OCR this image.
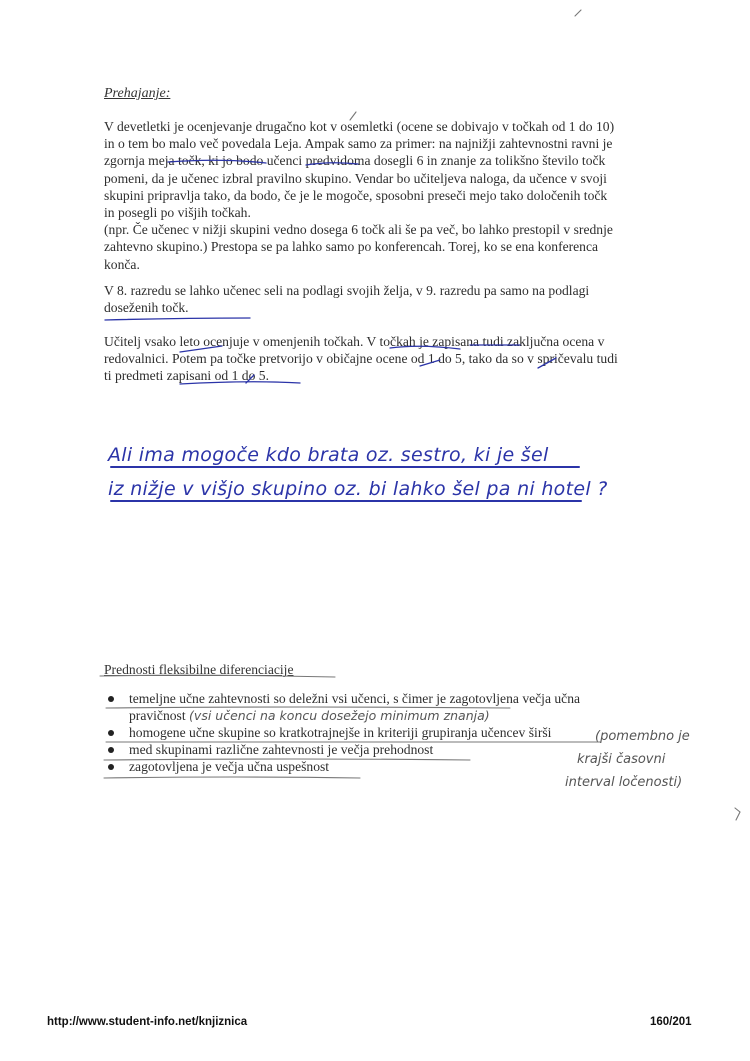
Prehajanje:
V devetletki je ocenjevanje drugačno kot v osemletki (ocene se dobivajo v točkah od 1 do 10)
in o tem bo malo več povedala Leja. Ampak samo za primer: na najnižji zahtevnostni ravni je
zgornja meja točk, ki jo bodo učenci predvidoma dosegli 6 in znanje za tolikšno število točk
pomeni, da je učenec izbral pravilno skupino. Vendar bo učiteljeva naloga, da učence v svoji
skupini pripravlja tako, da bodo, če je le mogoče, sposobni preseči mejo tako določenih točk
in posegli po višjih točkah.
(npr. Če učenec v nižji skupini vedno dosega 6 točk ali še pa več, bo lahko prestopil v srednje
zahtevno skupino.) Prestopa se pa lahko samo po konferencah. Torej, ko se ena konferenca
konča.
V 8. razredu se lahko učenec seli na podlagi svojih želja, v 9. razredu pa samo na podlagi
doseženih točk.
Učitelj vsako leto ocenjuje v omenjenih točkah. V točkah je zapisana tudi zaključna ocena v
redovalnici. Potem pa točke pretvorijo v običajne ocene od 1 do 5, tako da so v spričevalu tudi
ti predmeti zapisani od 1 do 5.
Ali ima mogoče kdo brata oz. sestro, ki je šel
iz nižje v višjo skupino oz. bi lahko šel pa ni hotel ?
Prednosti fleksibilne diferenciacije
temeljne učne zahtevnosti so deležni vsi učenci, s čimer je zagotovljena večja učna
pravičnost (vsi učenci na koncu dosežejo minimum znanja)
homogene učne skupine so kratkotrajnejše in kriteriji grupiranja učencev širši
med skupinami različne zahtevnosti je večja prehodnost
zagotovljena je večja učna uspešnost
(pomembno je
krajši časovni
interval ločenosti)
http://www.student-info.net/knjiznica	160/201
